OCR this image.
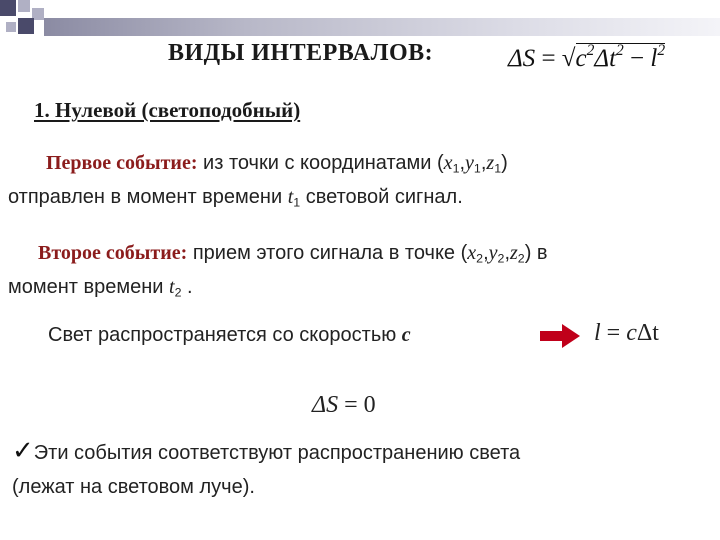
ВИДЫ ИНТЕРВАЛОВ:	$\Delta S = √c^2\Delta t^2 - l^2$
1. Нулевой (светоподобный)
Первое событие: из точки с координатами $(x_1,y_1,z_1)$
отправлен в момент времени $t_1$ световой сигнал.
Второе событие: прием этого сигнала в точке $(x_2,y_2,z_2)$ в
момент времени $t_2$ .
Свет распространяется со скоростью c	l = cΔt
ΔS = 0
✓Эти события соответствуют распространению света
(лежат на световом луче).
